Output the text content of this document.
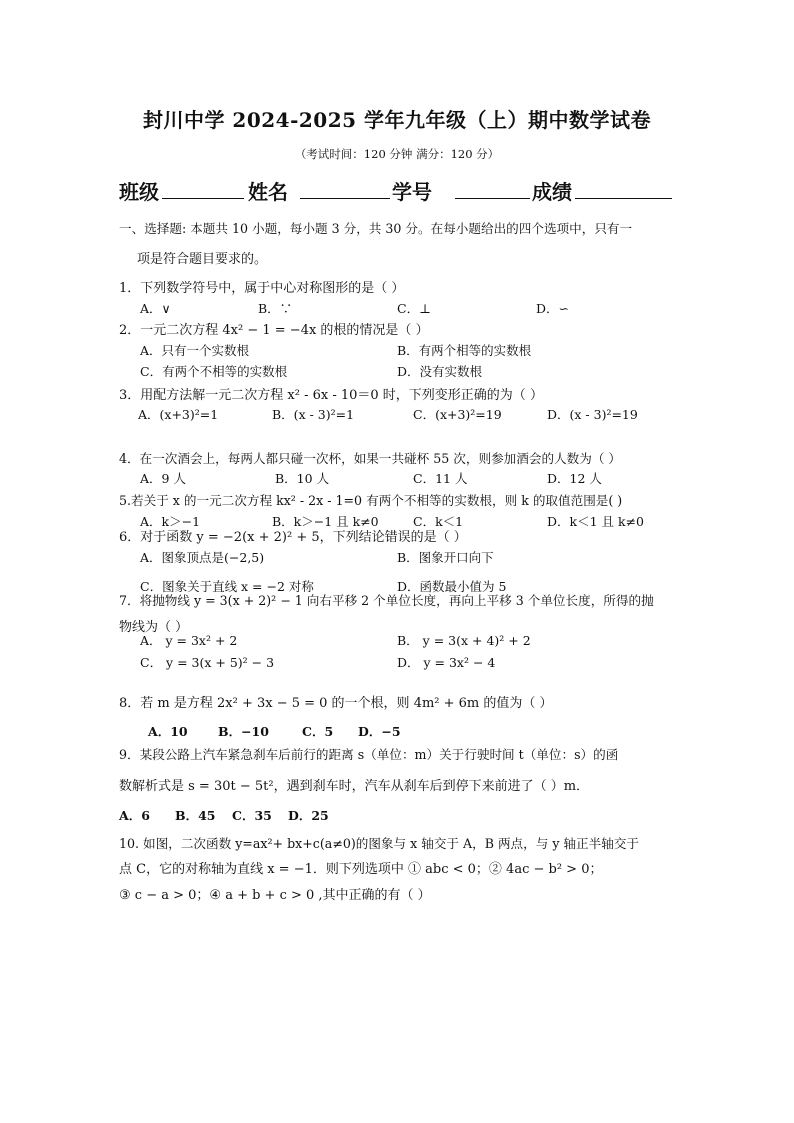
封川中学 2024-2025 学年九年级（上）期中数学试卷
（考试时间：120 分钟 满分：120 分）
班级	姓名	学号	成绩
一、选择题: 本题共 10 小题，每小题 3 分，共 30 分。在每小题给出的四个选项中，只有一
项是符合题目要求的。
1．下列数学符号中，属于中心对称图形的是（ ）
A．∨	B．∵	C．⊥	D．∽
2．一元二次方程 4x² − 1 = −4x 的根的情况是（ ）
A．只有一个实数根	B．有两个相等的实数根
C．有两个不相等的实数根	D．没有实数根
3．用配方法解一元二次方程 x² - 6x - 10＝0 时，下列变形正确的为（ ）
A．(x+3)²=1	B．(x - 3)²=1	C．(x+3)²=19	D．(x - 3)²=19
4．在一次酒会上，每两人都只碰一次杯，如果一共碰杯 55 次，则参加酒会的人数为（ ）
A．9 人	B．10 人	C．11 人	D．12 人
5.若关于 x 的一元二次方程 kx² - 2x - 1=0 有两个不相等的实数根，则 k 的取值范围是( )
A．k＞−1	B．k＞−1 且 k≠0	C．k＜1	D．k＜1 且 k≠0
6．对于函数 y = −2(x + 2)² + 5，下列结论错误的是（ ）
A．图象顶点是(−2,5)	B．图象开口向下
C．图象关于直线 x = −2 对称	D．函数最小值为 5
7．将抛物线 y = 3(x + 2)² − 1 向右平移 2 个单位长度，再向上平移 3 个单位长度，所得的抛
物线为（ ）
A． y = 3x² + 2	B． y = 3(x + 4)² + 2
C． y = 3(x + 5)² − 3	D． y = 3x² − 4
8．若 m 是方程 2x² + 3x − 5 = 0 的一个根，则 4m² + 6m 的值为（ ）
A．10 B．−10	C．5 D．−5
9．某段公路上汽车紧急刹车后前行的距离 s（单位：m）关于行驶时间 t（单位：s）的函
数解析式是 s = 30t − 5t²，遇到刹车时，汽车从刹车后到停下来前进了（ ）m．
A．6 B．45 C．35 D．25
10. 如图，二次函数 y=ax²+ bx+c(a≠0)的图象与 x 轴交于 A，B 两点，与 y 轴正半轴交于
点 C，它的对称轴为直线 x = −1．则下列选项中 ① abc < 0；② 4ac − b² > 0；
③ c − a > 0；④ a + b + c > 0 ,其中正确的有（ ）
